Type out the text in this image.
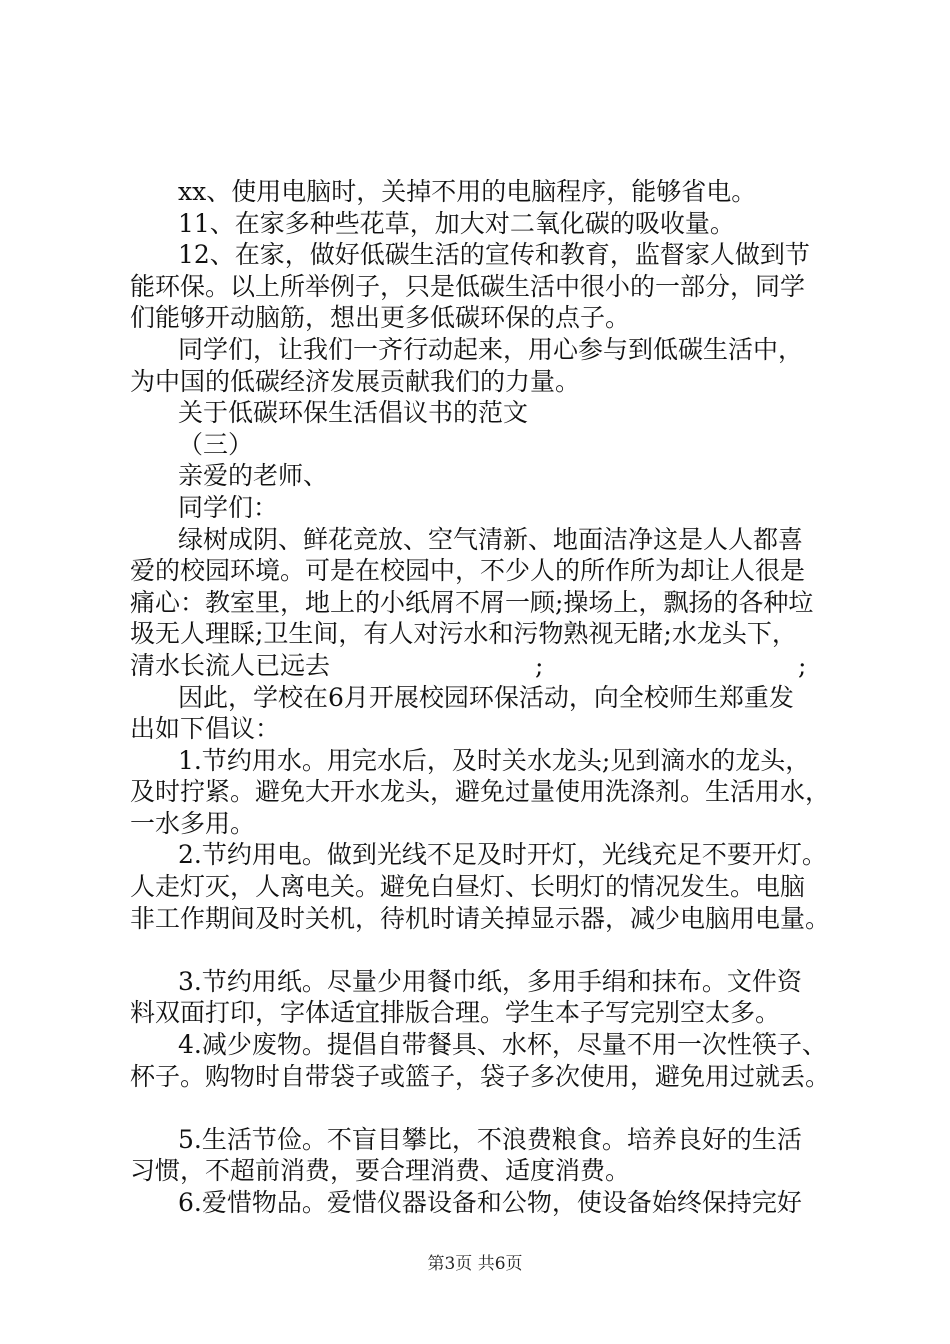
xx、使用电脑时，关掉不用的电脑程序，能够省电。
11、在家多种些花草，加大对二氧化碳的吸收量。
12、在家，做好低碳生活的宣传和教育，监督家人做到节
能环保。以上所举例子，只是低碳生活中很小的一部分，同学
们能够开动脑筋，想出更多低碳环保的点子。
同学们，让我们一齐行动起来，用心参与到低碳生活中，
为中国的低碳经济发展贡献我们的力量。
关于低碳环保生活倡议书的范文
（三）
亲爱的老师、
同学们：
绿树成阴、鲜花竞放、空气清新、地面洁净这是人人都喜
爱的校园环境。可是在校园中，不少人的所作所为却让人很是
痛心：教室里，地上的小纸屑不屑一顾;操场上，飘扬的各种垃
圾无人理睬;卫生间，有人对污水和污物熟视无睹;水龙头下，
清水长流人已远去	;	;
因此，学校在6月开展校园环保活动，向全校师生郑重发
出如下倡议：
1.节约用水。用完水后，及时关水龙头;见到滴水的龙头，
及时拧紧。避免大开水龙头，避免过量使用洗涤剂。生活用水，
一水多用。
2.节约用电。做到光线不足及时开灯，光线充足不要开灯。
人走灯灭，人离电关。避免白昼灯、长明灯的情况发生。电脑
非工作期间及时关机，待机时请关掉显示器，减少电脑用电量。
3.节约用纸。尽量少用餐巾纸，多用手绢和抹布。文件资
料双面打印，字体适宜排版合理。学生本子写完别空太多。
4.减少废物。提倡自带餐具、水杯，尽量不用一次性筷子、
杯子。购物时自带袋子或篮子，袋子多次使用，避免用过就丢。
5.生活节俭。不盲目攀比，不浪费粮食。培养良好的生活
习惯，不超前消费，要合理消费、适度消费。
6.爱惜物品。爱惜仪器设备和公物，使设备始终保持完好
第3页 共6页
